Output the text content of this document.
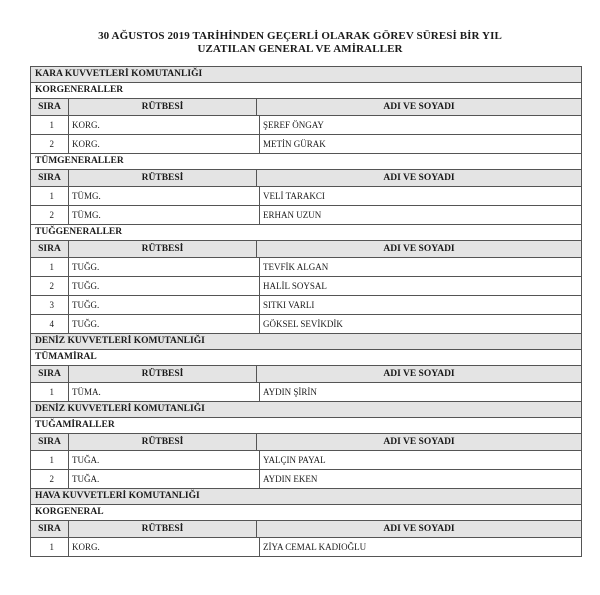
30 AĞUSTOS 2019 TARİHİNDEN GEÇERLİ OLARAK GÖREV SÜRESİ BİR YIL
UZATILAN GENERAL VE AMİRALLER
KARA KUVVETLERİ KOMUTANLIĞI
KORGENERALLER
SIRA	RÜTBESİ	ADI VE SOYADI
1	KORG.	ŞEREF ÖNGAY
2	KORG.	METİN GÜRAK
TÜMGENERALLER
SIRA	RÜTBESİ	ADI VE SOYADI
1	TÜMG.	VELİ TARAKCI
2	TÜMG.	ERHAN UZUN
TUĞGENERALLER
SIRA	RÜTBESİ	ADI VE SOYADI
1	TUĞG.	TEVFİK ALGAN
2	TUĞG.	HALİL SOYSAL
3	TUĞG.	SITKI VARLI
4	TUĞG.	GÖKSEL SEVİKDİK
DENİZ KUVVETLERİ KOMUTANLIĞI
TÜMAMİRAL
SIRA	RÜTBESİ	ADI VE SOYADI
1	TÜMA.	AYDIN ŞİRİN
DENİZ KUVVETLERİ KOMUTANLIĞI
TUĞAMİRALLER
SIRA	RÜTBESİ	ADI VE SOYADI
1	TUĞA.	YALÇIN PAYAL
2	TUĞA.	AYDIN EKEN
HAVA KUVVETLERİ KOMUTANLIĞI
KORGENERAL
SIRA	RÜTBESİ	ADI VE SOYADI
1	KORG.	ZİYA CEMAL KADIOĞLU
